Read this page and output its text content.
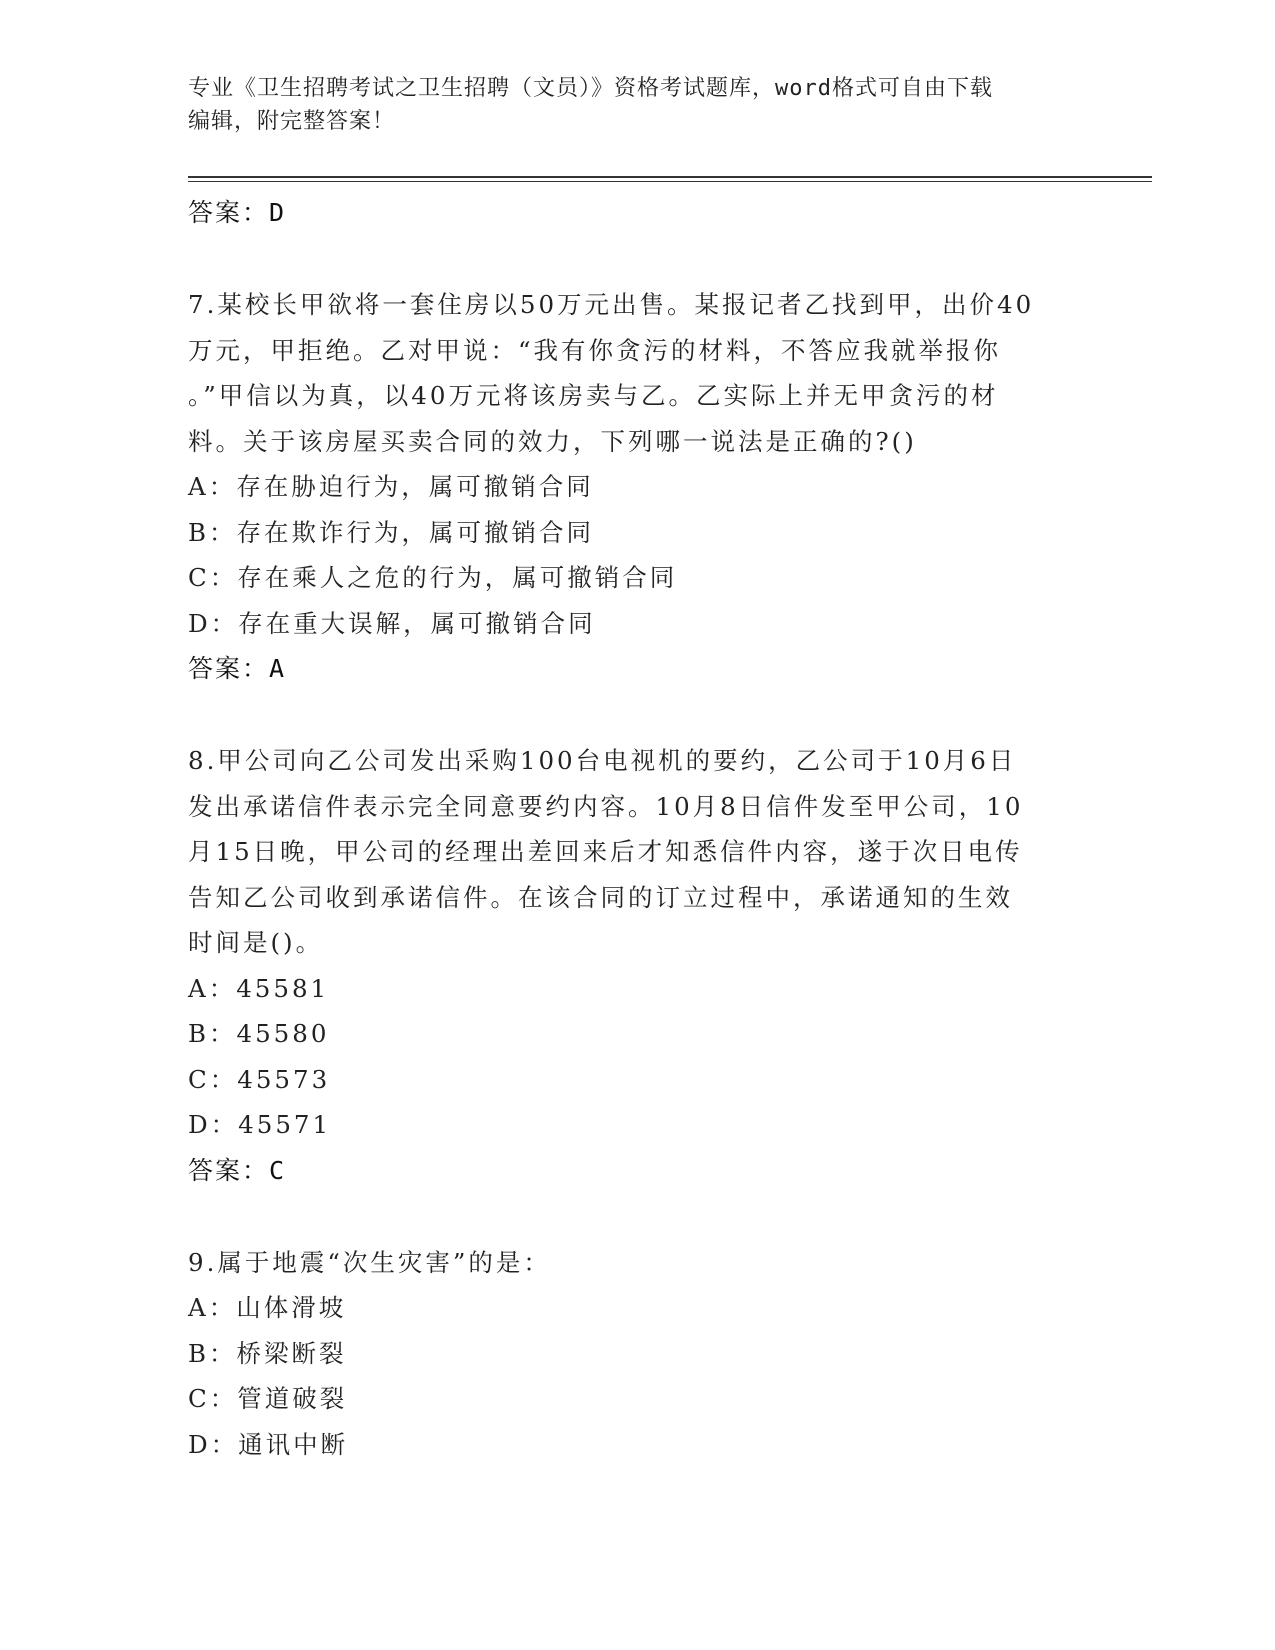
专业《卫生招聘考试之卫生招聘（文员）》资格考试题库，word格式可自由下载
编辑，附完整答案！
答案：D
7.某校长甲欲将一套住房以50万元出售。某报记者乙找到甲，出价40
万元，甲拒绝。乙对甲说：“我有你贪污的材料，不答应我就举报你
。”甲信以为真，以40万元将该房卖与乙。乙实际上并无甲贪污的材
料。关于该房屋买卖合同的效力，下列哪一说法是正确的?()
A：存在胁迫行为，属可撤销合同
B：存在欺诈行为，属可撤销合同
C：存在乘人之危的行为，属可撤销合同
D：存在重大误解，属可撤销合同
答案：A
8.甲公司向乙公司发出采购100台电视机的要约，乙公司于10月6日
发出承诺信件表示完全同意要约内容。10月8日信件发至甲公司，10
月15日晚，甲公司的经理出差回来后才知悉信件内容，遂于次日电传
告知乙公司收到承诺信件。在该合同的订立过程中，承诺通知的生效
时间是()。
A：45581
B：45580
C：45573
D：45571
答案：C
9.属于地震“次生灾害”的是：
A：山体滑坡
B：桥梁断裂
C：管道破裂
D：通讯中断
